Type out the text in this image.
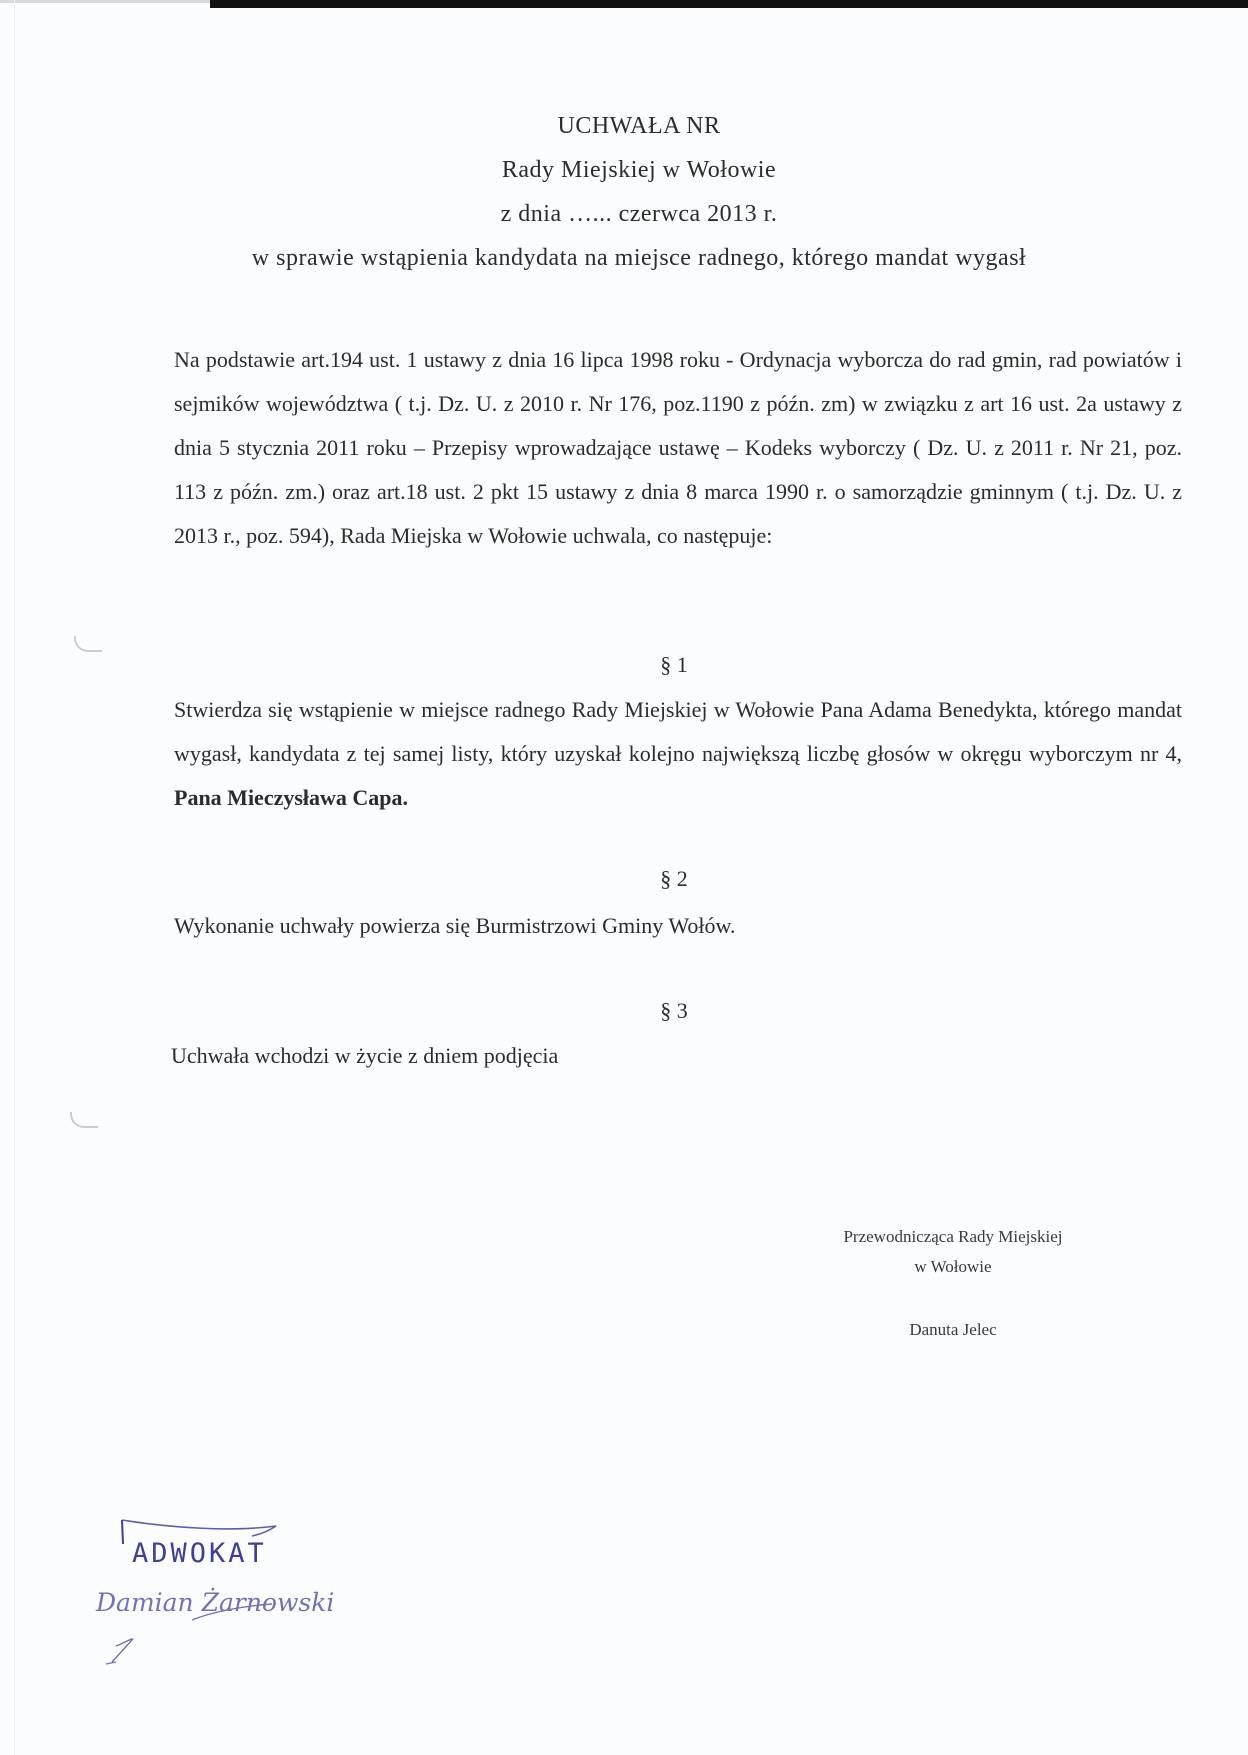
UCHWAŁA NR
Rady Miejskiej w Wołowie
z dnia …... czerwca 2013 r.
w sprawie wstąpienia kandydata na miejsce radnego, którego mandat wygasł
Na podstawie art.194 ust. 1 ustawy z dnia 16 lipca 1998 roku - Ordynacja wyborcza do rad gmin, rad powiatów i sejmików województwa ( t.j. Dz. U. z 2010 r. Nr 176, poz.1190 z późn. zm) w związku z art 16 ust. 2a ustawy z dnia 5 stycznia 2011 roku – Przepisy wprowadzające ustawę – Kodeks wyborczy ( Dz. U. z 2011 r. Nr 21, poz. 113 z późn. zm.) oraz art.18 ust. 2 pkt 15 ustawy z dnia 8 marca 1990 r. o samorządzie gminnym ( t.j. Dz. U. z 2013 r., poz. 594), Rada Miejska w Wołowie uchwala, co następuje:
§ 1
Stwierdza się wstąpienie w miejsce radnego Rady Miejskiej w Wołowie Pana Adama Benedykta, którego mandat wygasł, kandydata z tej samej listy, który uzyskał kolejno największą liczbę głosów w okręgu wyborczym nr 4, Pana Mieczysława Capa.
§ 2
Wykonanie uchwały powierza się Burmistrzowi Gminy Wołów.
§ 3
Uchwała wchodzi w życie z dniem podjęcia
Przewodnicząca Rady Miejskiej
w Wołowie
Danuta Jelec
ADWOKAT
Damian Żarnowski
